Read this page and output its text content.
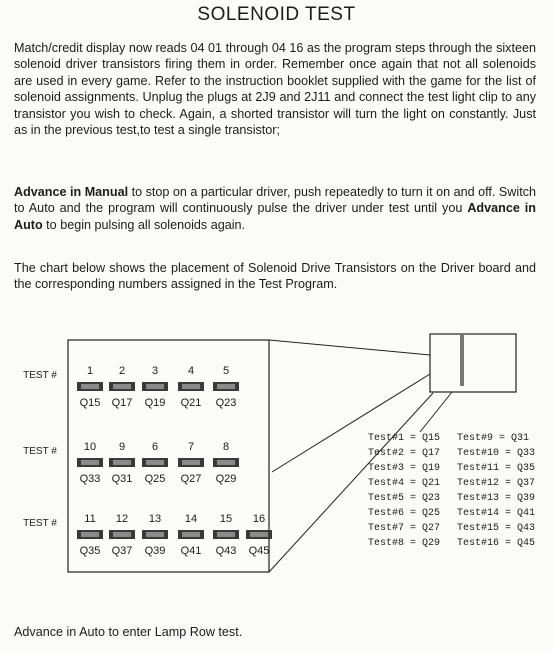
SOLENOID TEST
Match/credit display now reads 04 01 through 04 16 as the program steps through the sixteen solenoid driver transistors firing them in order. Remember once again that not all solenoids are used in every game. Refer to the instruction booklet supplied with the game for the list of solenoid assignments. Unplug the plugs at 2J9 and 2J11 and connect the test light clip to any transistor you wish to check. Again, a shorted transistor will turn the light on constantly. Just as in the previous test,to test a single transistor;
Advance in Manual to stop on a particular driver, push repeatedly to turn it on and off. Switch to Auto and the program will continuously pulse the driver under test until you Advance in Auto to begin pulsing all solenoids again.
The chart below shows the placement of Solenoid Drive Transistors on the Driver board and the corresponding numbers assigned in the Test Program.
TEST #	1
Q15
2
Q17
3
Q19
4
Q21
5
Q23
TEST # 10
Q33
9
Q31
6
Q25
7
Q27
8
Q29
TEST # 11
Q35
12
Q37
13
Q39
14
Q41
15
Q43
16
Q45
Test#1 = Q15
Test#2 = Q17
Test#3 = Q19
Test#4 = Q21
Test#5 = Q23
Test#6 = Q25
Test#7 = Q27
Test#8 = Q29
Test#9 = Q31
Test#10 = Q33
Test#11 = Q35
Test#12 = Q37
Test#13 = Q39
Test#14 = Q41
Test#15 = Q43
Test#16 = Q45
Advance in Auto to enter Lamp Row test.
